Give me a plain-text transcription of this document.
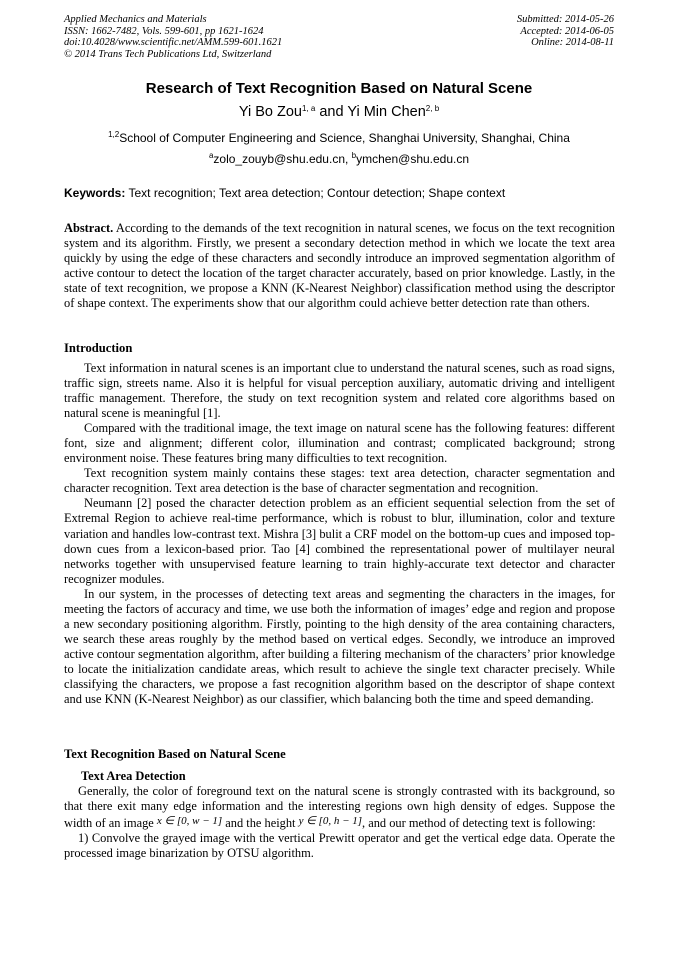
Applied Mechanics and Materials
ISSN: 1662-7482, Vols. 599-601, pp 1621-1624
doi:10.4028/www.scientific.net/AMM.599-601.1621
© 2014 Trans Tech Publications Ltd, Switzerland
Submitted: 2014-05-26
Accepted: 2014-06-05
Online: 2014-08-11
Research of Text Recognition Based on Natural Scene
Yi Bo Zou$^{1, a}$ and Yi Min Chen$^{2, b}$
$^{1,2}$School of Computer Engineering and Science, Shanghai University, Shanghai, China
$^a$zolo_zouyb@shu.edu.cn, $^b$ymchen@shu.edu.cn
Keywords: Text recognition; Text area detection; Contour detection; Shape context
Abstract. According to the demands of the text recognition in natural scenes, we focus on the text recognition system and its algorithm. Firstly, we present a secondary detection method in which we locate the text area quickly by using the edge of these characters and secondly introduce an improved segmentation algorithm of active contour to detect the location of the target character accurately, based on prior knowledge. Lastly, in the state of text recognition, we propose a KNN (K-Nearest Neighbor) classification method using the descriptor of shape context. The experiments show that our algorithm could achieve better detection rate than others.
Introduction

Text information in natural scenes is an important clue to understand the natural scenes, such as road signs, traffic sign, streets name. Also it is helpful for visual perception auxiliary, automatic driving and intelligent traffic management. Therefore, the study on text recognition system and related core algorithms based on natural scene is meaningful [1].

Compared with the traditional image, the text image on natural scene has the following features: different font, size and alignment; different color, illumination and contrast; complicated background; strong environment noise. These features bring many difficulties to text recognition.

Text recognition system mainly contains these stages: text area detection, character segmentation and character recognition. Text area detection is the base of character segmentation and recognition.

Neumann [2] posed the character detection problem as an efficient sequential selection from the set of Extremal Region to achieve real-time performance, which is robust to blur, illumination, color and texture variation and handles low-contrast text. Mishra [3] bulit a CRF model on the bottom-up cues and imposed top-down cues from a lexicon-based prior. Tao [4] combined the representational power of multilayer neural networks together with unsupervised feature learning to train highly-accurate text detector and character recognizer modules.

In our system, in the processes of detecting text areas and segmenting the characters in the images, for meeting the factors of accuracy and time, we use both the information of images’ edge and region and propose a new secondary positioning algorithm. Firstly, pointing to the high density of the area containing characters, we search these areas roughly by the method based on vertical edges. Secondly, we introduce an improved active contour segmentation algorithm, after building a filtering mechanism of the characters’ prior knowledge to locate the initialization candidate areas, which result to achieve the single text character precisely. While classifying the characters, we propose a fast recognition algorithm based on the descriptor of shape context and use KNN (K-Nearest Neighbor) as our classifier, which balancing both the time and speed demanding.

Text Recognition Based on Natural Scene
Text Area Detection

Generally, the color of foreground text on the natural scene is strongly contrasted with its background, so that there exit many edge information and the interesting regions own high density of edges. Suppose the width of an image x ∈ [0, w − 1] and the height y ∈ [0, h − 1], and our method of detecting text is following:

1) Convolve the grayed image with the vertical Prewitt operator and get the vertical edge data. Operate the processed image binarization by OTSU algorithm.
